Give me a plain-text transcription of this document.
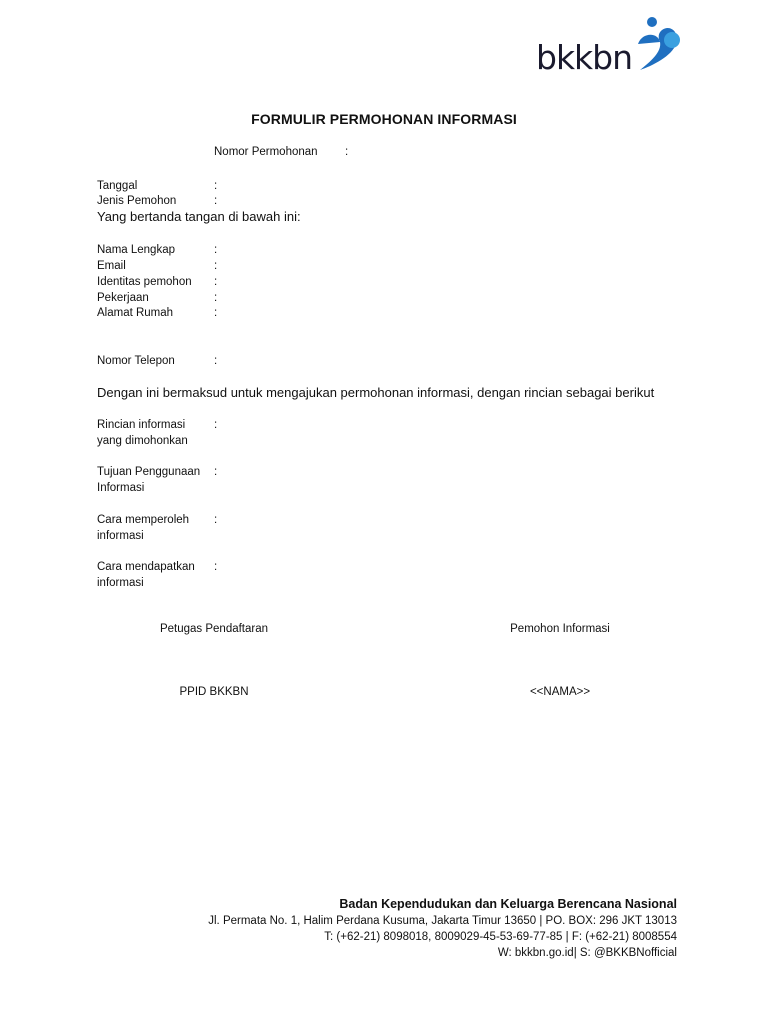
bkkbn
FORMULIR PERMOHONAN INFORMASI
Nomor Permohonan :
Tanggal	:
Jenis Pemohon	:
Yang bertanda tangan di bawah ini:
Nama Lengkap	:
Email	:
Identitas pemohon	:
Pekerjaan	:
Alamat Rumah	:
Nomor Telepon	:
Dengan ini bermaksud untuk mengajukan permohonan informasi, dengan rincian sebagai berikut
Rincian informasi
yang dimohonkan
:
Tujuan Penggunaan
Informasi
:
Cara memperoleh
informasi
:
Cara mendapatkan
informasi
:
Petugas Pendaftaran	Pemohon Informasi
PPID BKKBN	<<NAMA>>
Badan Kependudukan dan Keluarga Berencana Nasional
Jl. Permata No. 1, Halim Perdana Kusuma, Jakarta Timur 13650 | PO. BOX: 296 JKT 13013
T: (+62-21) 8098018, 8009029-45-53-69-77-85 | F: (+62-21) 8008554
W: bkkbn.go.id| S: @BKKBNofficial
